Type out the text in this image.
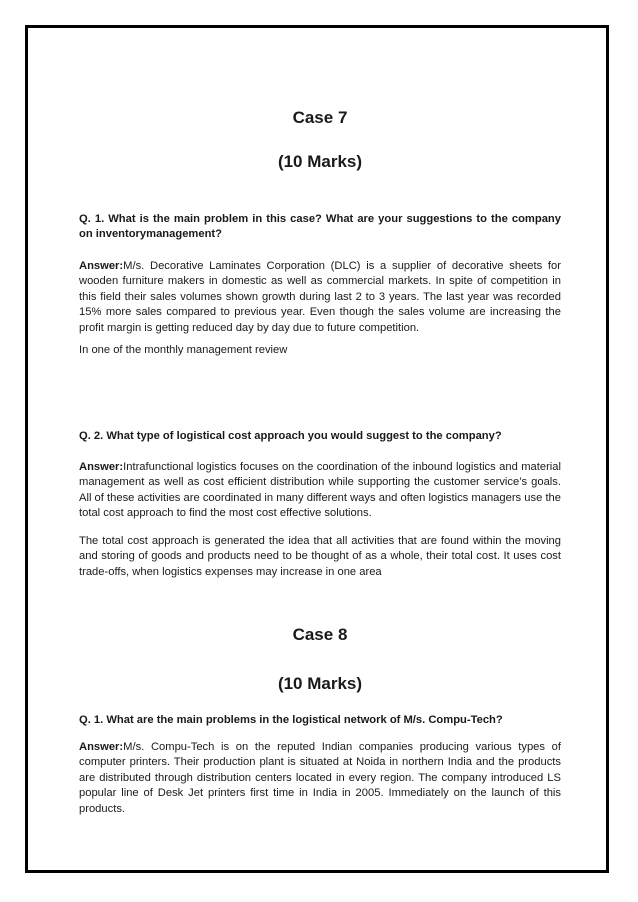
Case 7

(10 Marks)

Q. 1. What is the main problem in this case? What are your suggestions to the company on inventorymanagement?

Answer:M/s. Decorative Laminates Corporation (DLC) is a supplier of decorative sheets for wooden furniture makers in domestic as well as commercial markets. In spite of competition in this field their sales volumes shown growth during last 2 to 3 years. The last year was recorded 15% more sales compared to previous year. Even though the sales volume are increasing the profit margin is getting reduced day by day due to future competition.

In one of the monthly management review

Q. 2. What type of logistical cost approach you would suggest to the company?

Answer:Intrafunctional logistics focuses on the coordination of the inbound logistics and material management as well as cost efficient distribution while supporting the customer service’s goals. All of these activities are coordinated in many different ways and often logistics managers use the total cost approach to find the most cost effective solutions.

The total cost approach is generated the idea that all activities that are found within the moving and storing of goods and products need to be thought of as a whole, their total cost. It uses cost trade-offs, when logistics expenses may increase in one area

Case 8

(10 Marks)

Q. 1. What are the main problems in the logistical network of M/s. Compu-Tech?

Answer:M/s. Compu-Tech is on the reputed Indian companies producing various types of computer printers. Their production plant is situated at Noida in northern India and the products are distributed through distribution centers located in every region. The company introduced LS popular line of Desk Jet printers first time in India in 2005. Immediately on the launch of this products.
